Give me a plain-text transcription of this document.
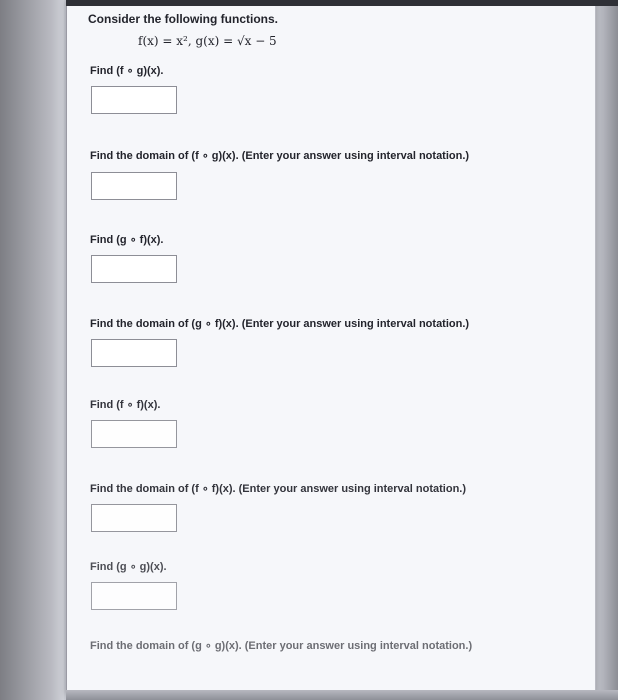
Consider the following functions.
f(x) = x², g(x) = √x − 5
Find (f ∘ g)(x).
Find the domain of (f ∘ g)(x). (Enter your answer using interval notation.)
Find (g ∘ f)(x).
Find the domain of (g ∘ f)(x). (Enter your answer using interval notation.)
Find (f ∘ f)(x).
Find the domain of (f ∘ f)(x). (Enter your answer using interval notation.)
Find (g ∘ g)(x).
Find the domain of (g ∘ g)(x). (Enter your answer using interval notation.)
